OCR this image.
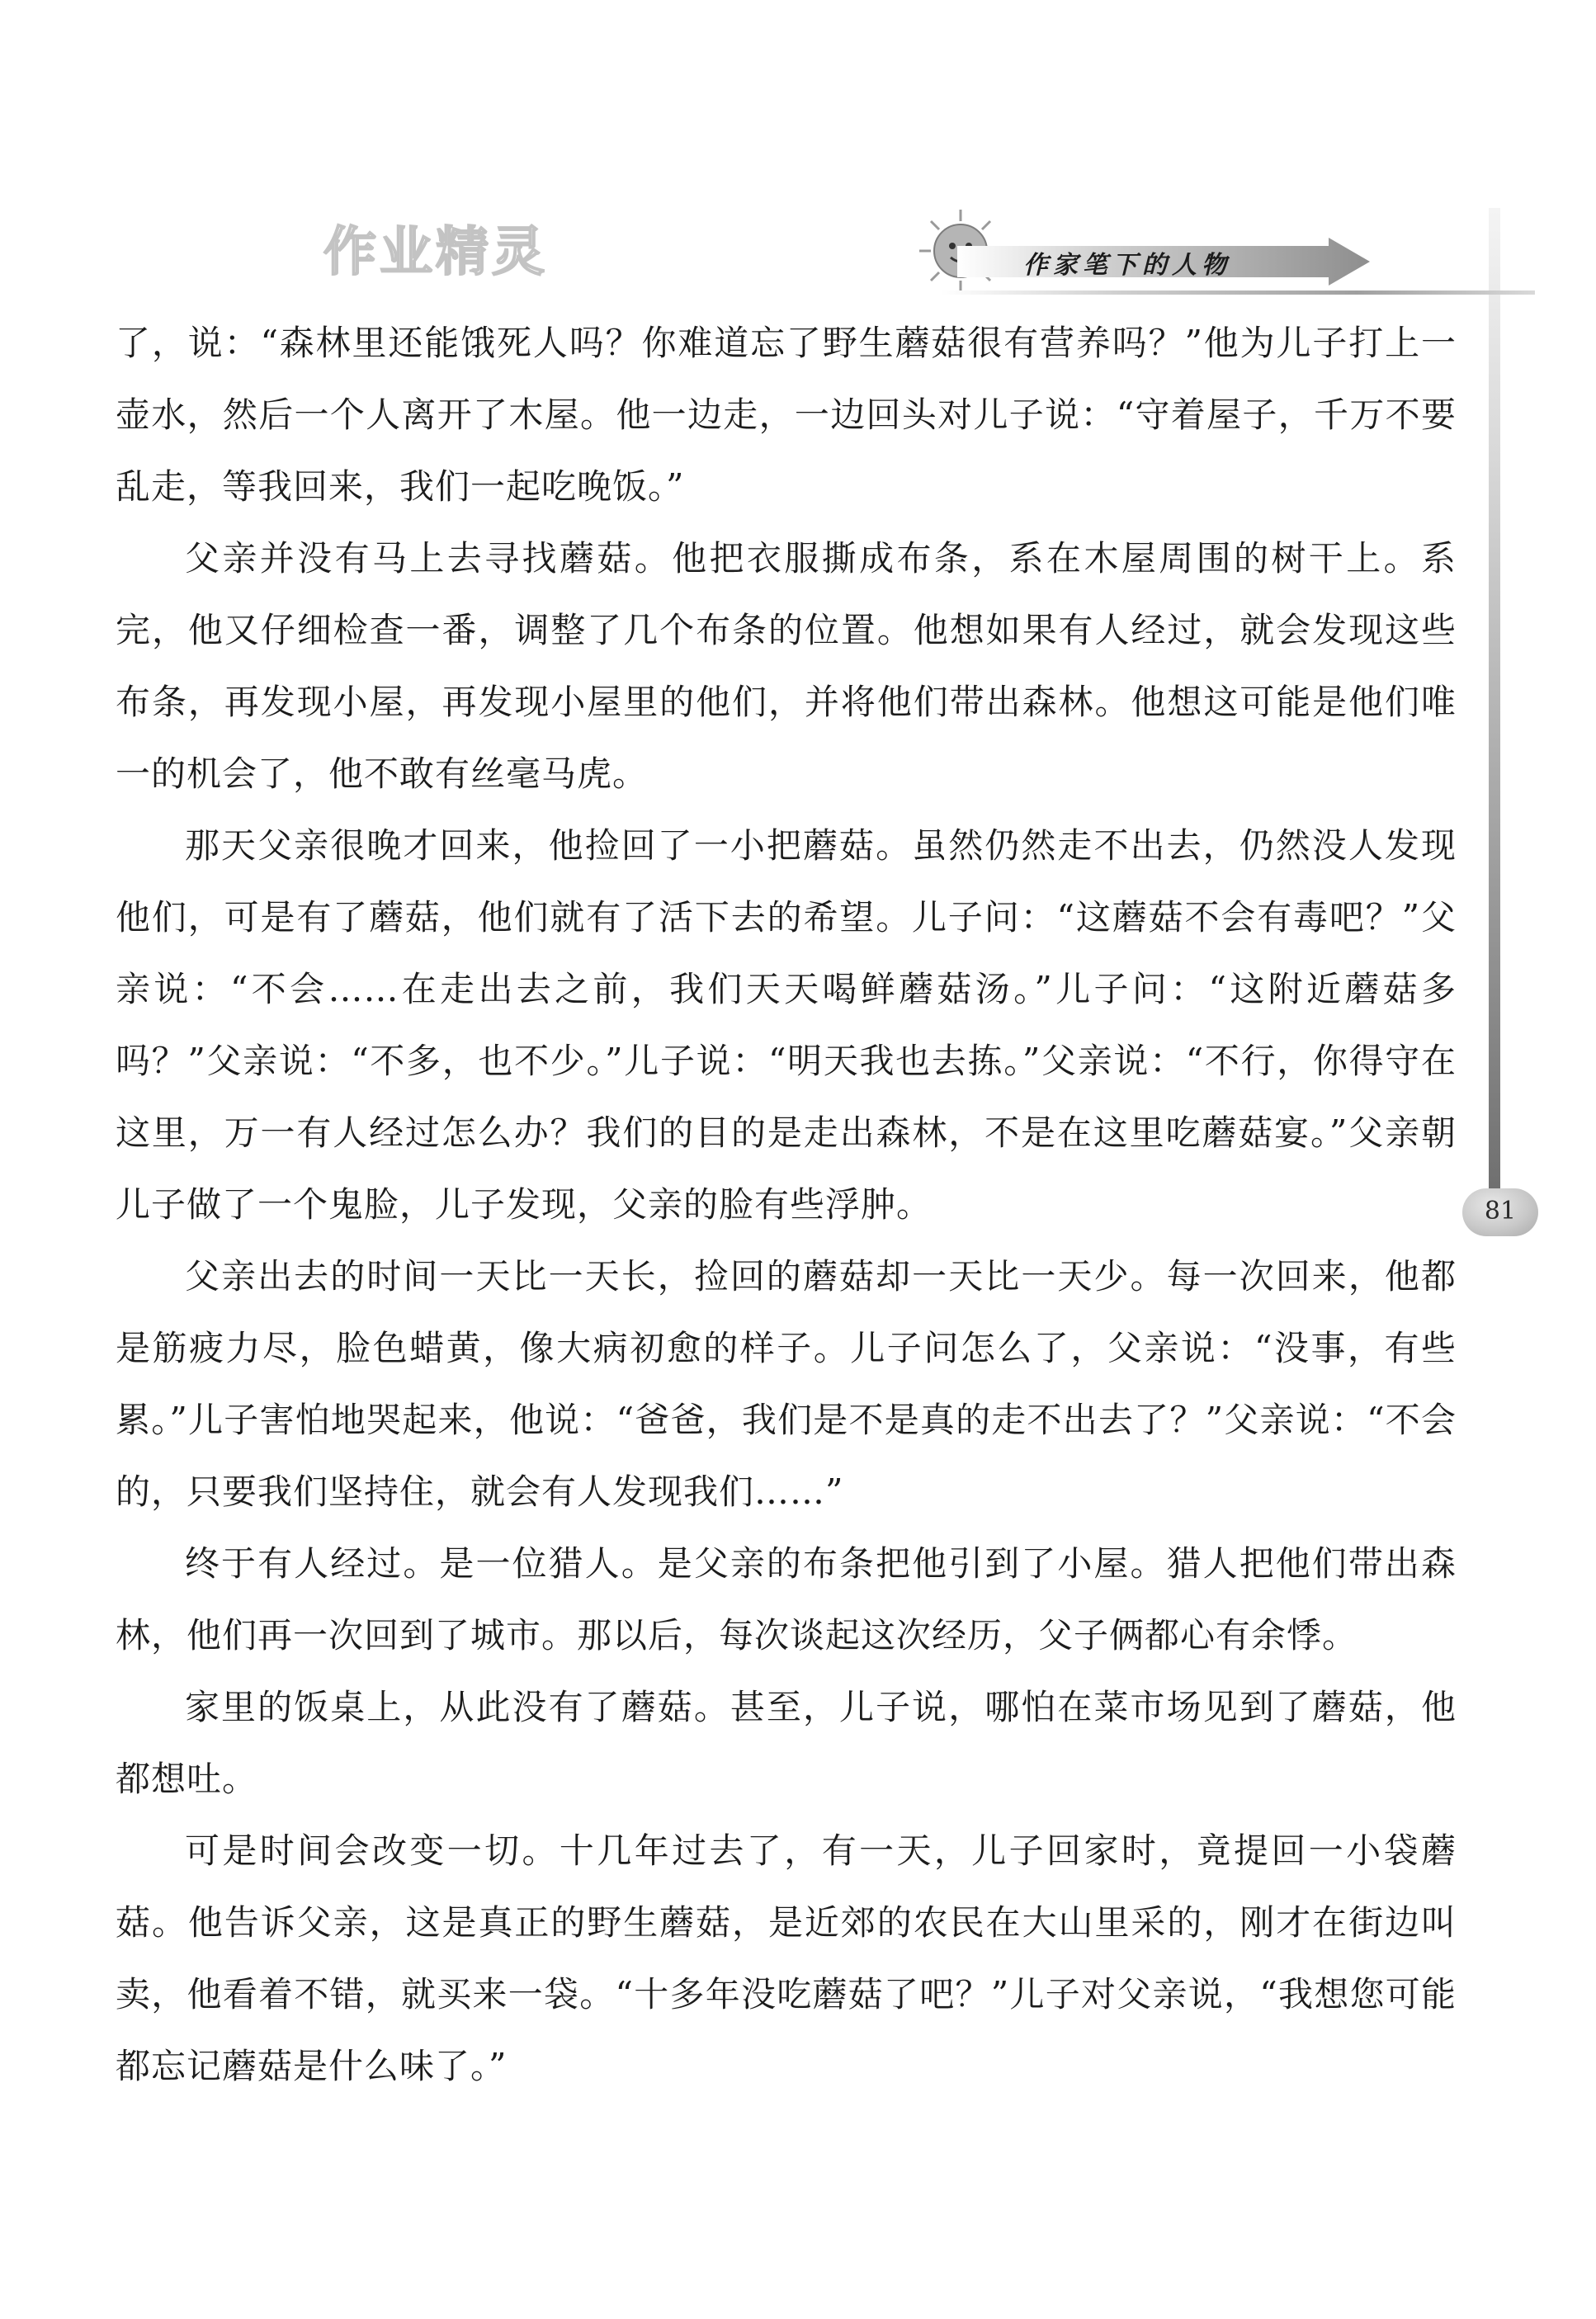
作业精灵	作家笔下的人物
81

了，说：“森林里还能饿死人吗？你难道忘了野生蘑菇很有营养吗？”他为儿子打上一壶水，然后一个人离开了木屋。他一边走，一边回头对儿子说：“守着屋子，千万不要乱走，等我回来，我们一起吃晚饭。”

父亲并没有马上去寻找蘑菇。他把衣服撕成布条，系在木屋周围的树干上。系完，他又仔细检查一番，调整了几个布条的位置。他想如果有人经过，就会发现这些布条，再发现小屋，再发现小屋里的他们，并将他们带出森林。他想这可能是他们唯一的机会了，他不敢有丝毫马虎。

那天父亲很晚才回来，他捡回了一小把蘑菇。虽然仍然走不出去，仍然没人发现他们，可是有了蘑菇，他们就有了活下去的希望。儿子问：“这蘑菇不会有毒吧？”父亲说：“不会……在走出去之前，我们天天喝鲜蘑菇汤。”儿子问：“这附近蘑菇多吗？”父亲说：“不多，也不少。”儿子说：“明天我也去拣。”父亲说：“不行，你得守在这里，万一有人经过怎么办？我们的目的是走出森林，不是在这里吃蘑菇宴。”父亲朝儿子做了一个鬼脸，儿子发现，父亲的脸有些浮肿。

父亲出去的时间一天比一天长，捡回的蘑菇却一天比一天少。每一次回来，他都是筋疲力尽，脸色蜡黄，像大病初愈的样子。儿子问怎么了，父亲说：“没事，有些累。”儿子害怕地哭起来，他说：“爸爸，我们是不是真的走不出去了？”父亲说：“不会的，只要我们坚持住，就会有人发现我们……”

终于有人经过。是一位猎人。是父亲的布条把他引到了小屋。猎人把他们带出森林，他们再一次回到了城市。那以后，每次谈起这次经历，父子俩都心有余悸。

家里的饭桌上，从此没有了蘑菇。甚至，儿子说，哪怕在菜市场见到了蘑菇，他都想吐。

可是时间会改变一切。十几年过去了，有一天，儿子回家时，竟提回一小袋蘑菇。他告诉父亲，这是真正的野生蘑菇，是近郊的农民在大山里采的，刚才在街边叫卖，他看着不错，就买来一袋。“十多年没吃蘑菇了吧？”儿子对父亲说，“我想您可能都忘记蘑菇是什么味了。”
